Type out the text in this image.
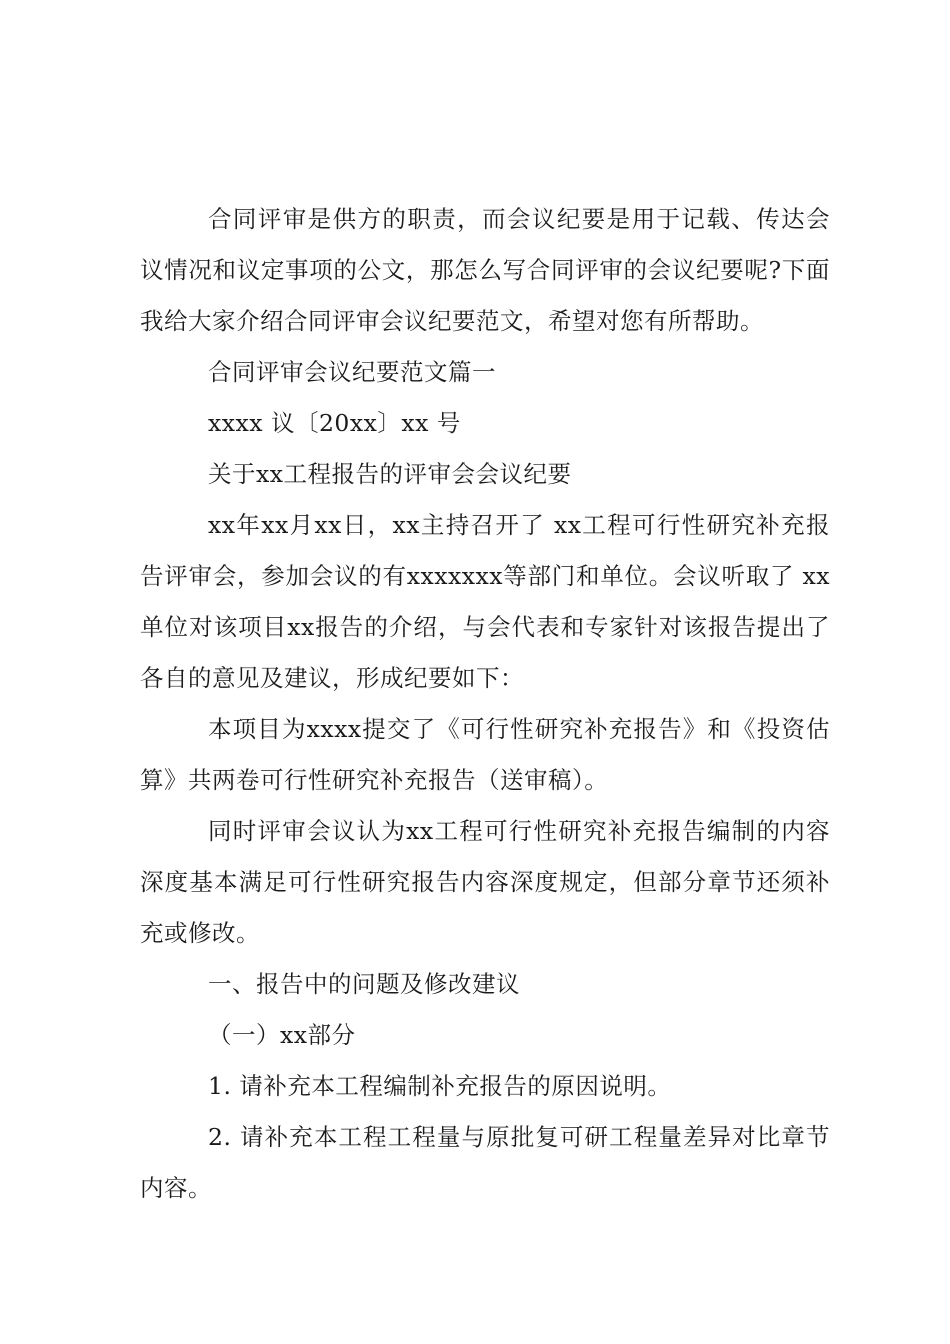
合同评审是供方的职责，而会议纪要是用于记载、传达会议情况和议定事项的公文，那怎么写合同评审的会议纪要呢?下面我给大家介绍合同评审会议纪要范文，希望对您有所帮助。

合同评审会议纪要范文篇一

xxxx 议〔20xx〕xx 号

关于xx工程报告的评审会会议纪要

xx年xx月xx日，xx主持召开了 xx工程可行性研究补充报告评审会，参加会议的有xxxxxxx等部门和单位。会议听取了 xx单位对该项目xx报告的介绍，与会代表和专家针对该报告提出了各自的意见及建议，形成纪要如下：

本项目为xxxx提交了《可行性研究补充报告》和《投资估算》共两卷可行性研究补充报告（送审稿）。

同时评审会议认为xx工程可行性研究补充报告编制的内容深度基本满足可行性研究报告内容深度规定，但部分章节还须补充或修改。

一、报告中的问题及修改建议

（一）xx部分

1. 请补充本工程编制补充报告的原因说明。

2. 请补充本工程工程量与原批复可研工程量差异对比章节内容。
